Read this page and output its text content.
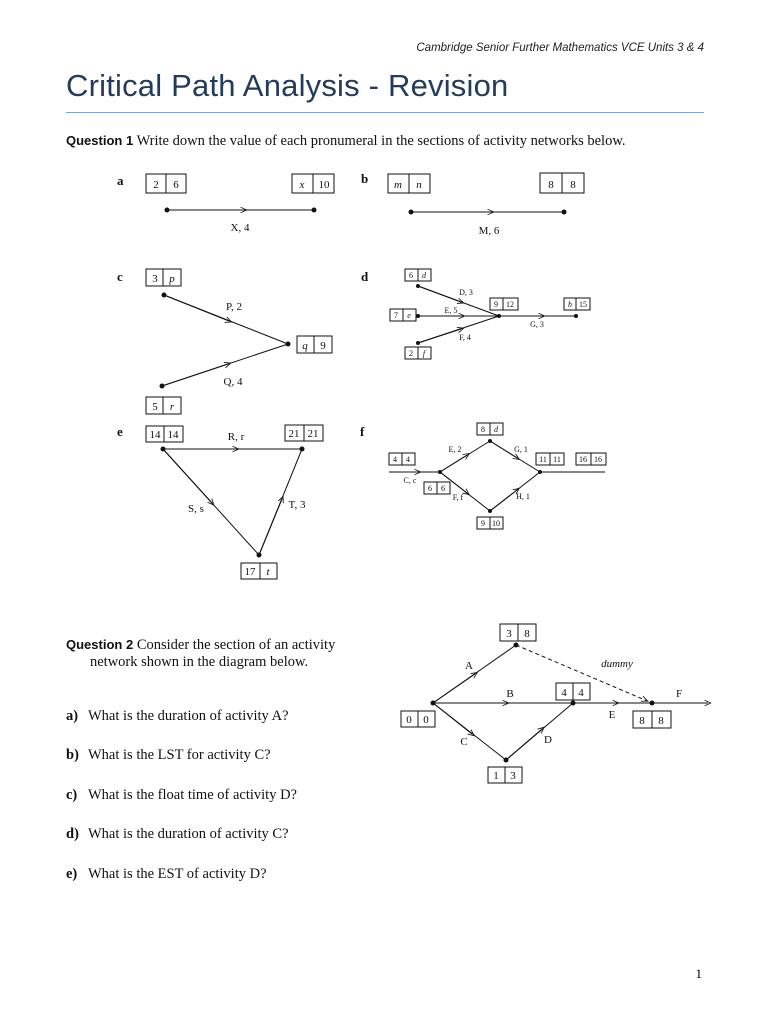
Cambridge Senior Further Mathematics VCE Units 3 & 4
Critical Path Analysis - Revision
Question 1 Write down the value of each pronumeral in the sections of activity networks below.
Question 2 Consider the section of an activity
network shown in the diagram below.
a) What is the duration of activity A?
b) What is the LST for activity C?
c) What is the float time of activity D?
d) What is the duration of activity C?
e) What is the EST of activity D?
1
a	2 6	x 10
X, 4
b m n	8 8
M, 6
c	3 p
q 9
5 r
P, 2
Q, 4
d	6 d
7 e
2 f
9 12	h 15
D, 3
E, 5
F, 4
G, 3
e 14 14	21 21
17 t
R, r
S, s	T, 3
f
4 4
6 6
8 d
9 10
11 11 16 16
C, c
E, 2
F, f
G, 1
H, 1
3 8
4 4
0 0	8 8
1 3
A
B
C	D
E
F
dummy
